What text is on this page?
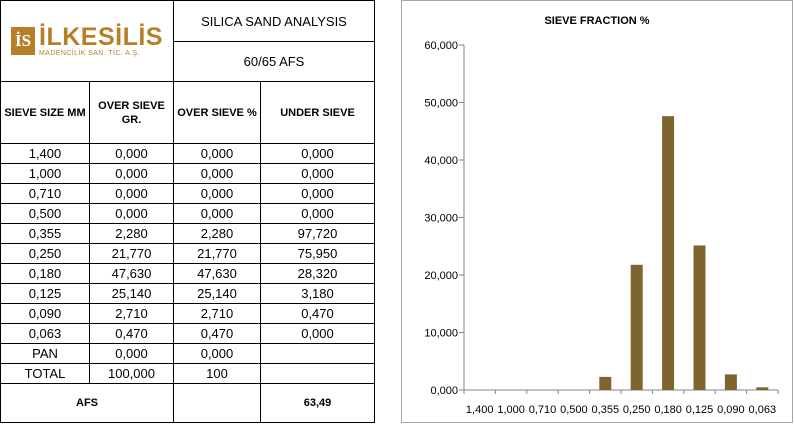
İS İLKESİLİS
MADENCİLİK SAN. TİC. A.Ş.		SILICA SAND ANALYSIS	
		60/65 AFS	
SIEVE SIZE MM	OVER SIEVE GR.	OVER SIEVE %	UNDER SIEVE
1,400	0,000	0,000	0,000
1,000	0,000	0,000	0,000
0,710	0,000	0,000	0,000
0,500	0,000	0,000	0,000
0,355	2,280	2,280	97,720
0,250	21,770	21,770	75,950
0,180	47,630	47,630	28,320
0,125	25,140	25,140	3,180
0,090	2,710	2,710	0,470
0,063	0,470	0,470	0,000
PAN	0,000	0,000	
TOTAL	100,000	100	
AFS			63,49
SIEVE FRACTION %
0,000
10,000
20,000
30,000
40,000
50,000
60,000
1,400 1,000 0,710 0,500 0,355 0,250 0,180 0,125 0,090 0,063
